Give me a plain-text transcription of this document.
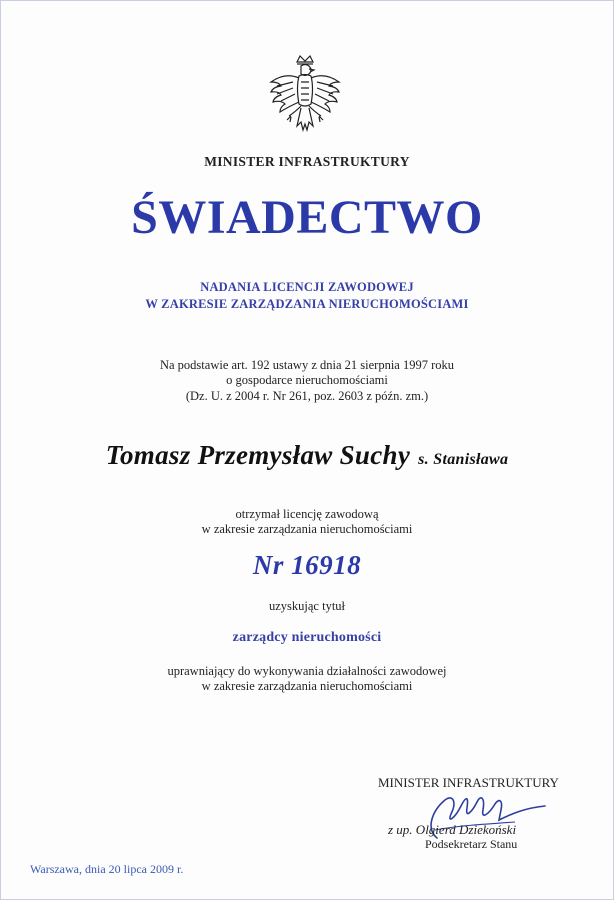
MINISTER INFRASTRUKTURY
ŚWIADECTWO
NADANIA LICENCJI ZAWODOWEJ
W ZAKRESIE ZARZĄDZANIA NIERUCHOMOŚCIAMI
Na podstawie art. 192 ustawy z dnia 21 sierpnia 1997 roku
o gospodarce nieruchomościami
(Dz. U. z 2004 r. Nr 261, poz. 2603 z późn. zm.)
Tomasz Przemysław Suchy s. Stanisława
otrzymał licencję zawodową
w zakresie zarządzania nieruchomościami
Nr 16918
uzyskując tytuł
zarządcy nieruchomości
uprawniający do wykonywania działalności zawodowej
w zakresie zarządzania nieruchomościami
MINISTER INFRASTRUKTURY
z up. Olgierd Dziekoński
Podsekretarz Stanu
Warszawa, dnia 20 lipca 2009 r.
